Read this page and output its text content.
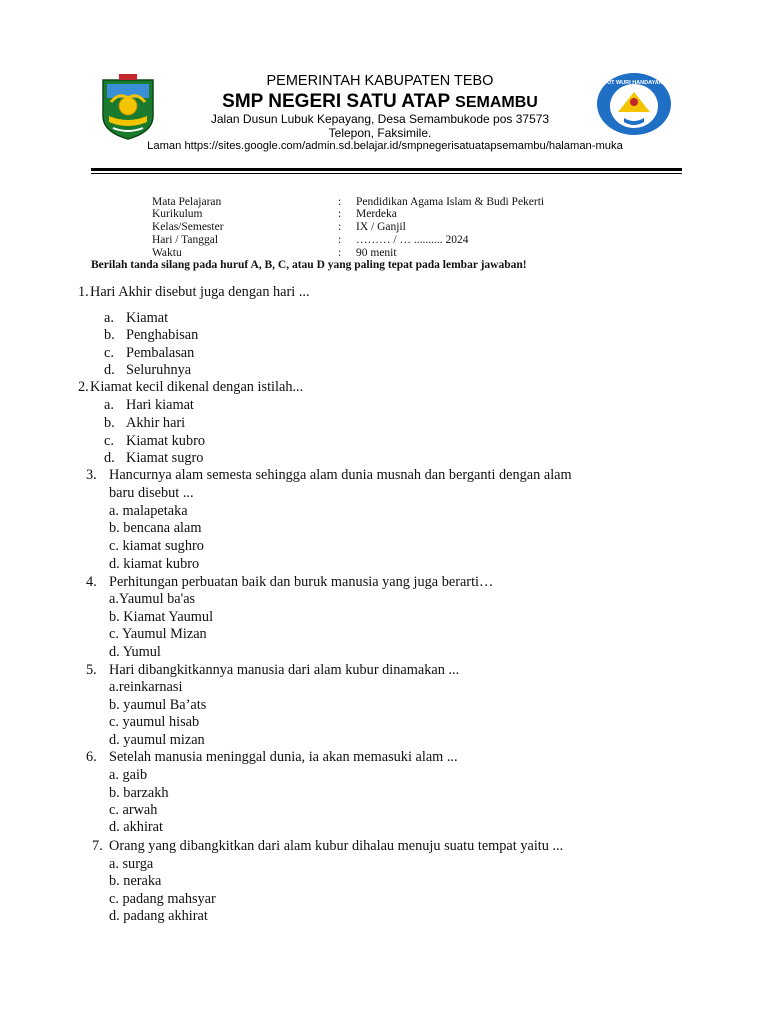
TUT WURI HANDAYANI
PEMERINTAH KABUPATEN TEBO
SMP NEGERI SATU ATAP SEMAMBU
Jalan Dusun Lubuk Kepayang, Desa Semambukode pos 37573
Telepon, Faksimile.
Laman https://sites.google.com/admin.sd.belajar.id/smpnegerisatuatapsemambu/halaman-muka
Mata Pelajaran	: Pendidikan Agama Islam & Budi Pekerti
Kurikulum	: Merdeka
Kelas/Semester	: IX / Ganjil
Hari / Tanggal	: ……… / … .......... 2024
Waktu	: 90 menit
Berilah tanda silang pada huruf A, B, C, atau D yang paling tepat pada lembar jawaban!
1. Hari Akhir disebut juga dengan hari ...
a. Kiamat
b. Penghabisan
c. Pembalasan
d. Seluruhnya
2. Kiamat kecil dikenal dengan istilah...
a. Hari kiamat
b. Akhir hari
c. Kiamat kubro
d. Kiamat sugro
3. Hancurnya alam semesta sehingga alam dunia musnah dan berganti dengan alam
baru disebut ...
a. malapetaka
b. bencana alam
c. kiamat sughro
d. kiamat kubro
4. Perhitungan perbuatan baik dan buruk manusia yang juga berarti…
a.Yaumul ba'as
b. Kiamat Yaumul
c. Yaumul Mizan
d. Yumul
5. Hari dibangkitkannya manusia dari alam kubur dinamakan ...
a.reinkarnasi
b. yaumul Ba’ats
c. yaumul hisab
d. yaumul mizan
6. Setelah manusia meninggal dunia, ia akan memasuki alam ...
a. gaib
b. barzakh
c. arwah
d. akhirat
7. Orang yang dibangkitkan dari alam kubur dihalau menuju suatu tempat yaitu ...
a. surga
b. neraka
c. padang mahsyar
d. padang akhirat
